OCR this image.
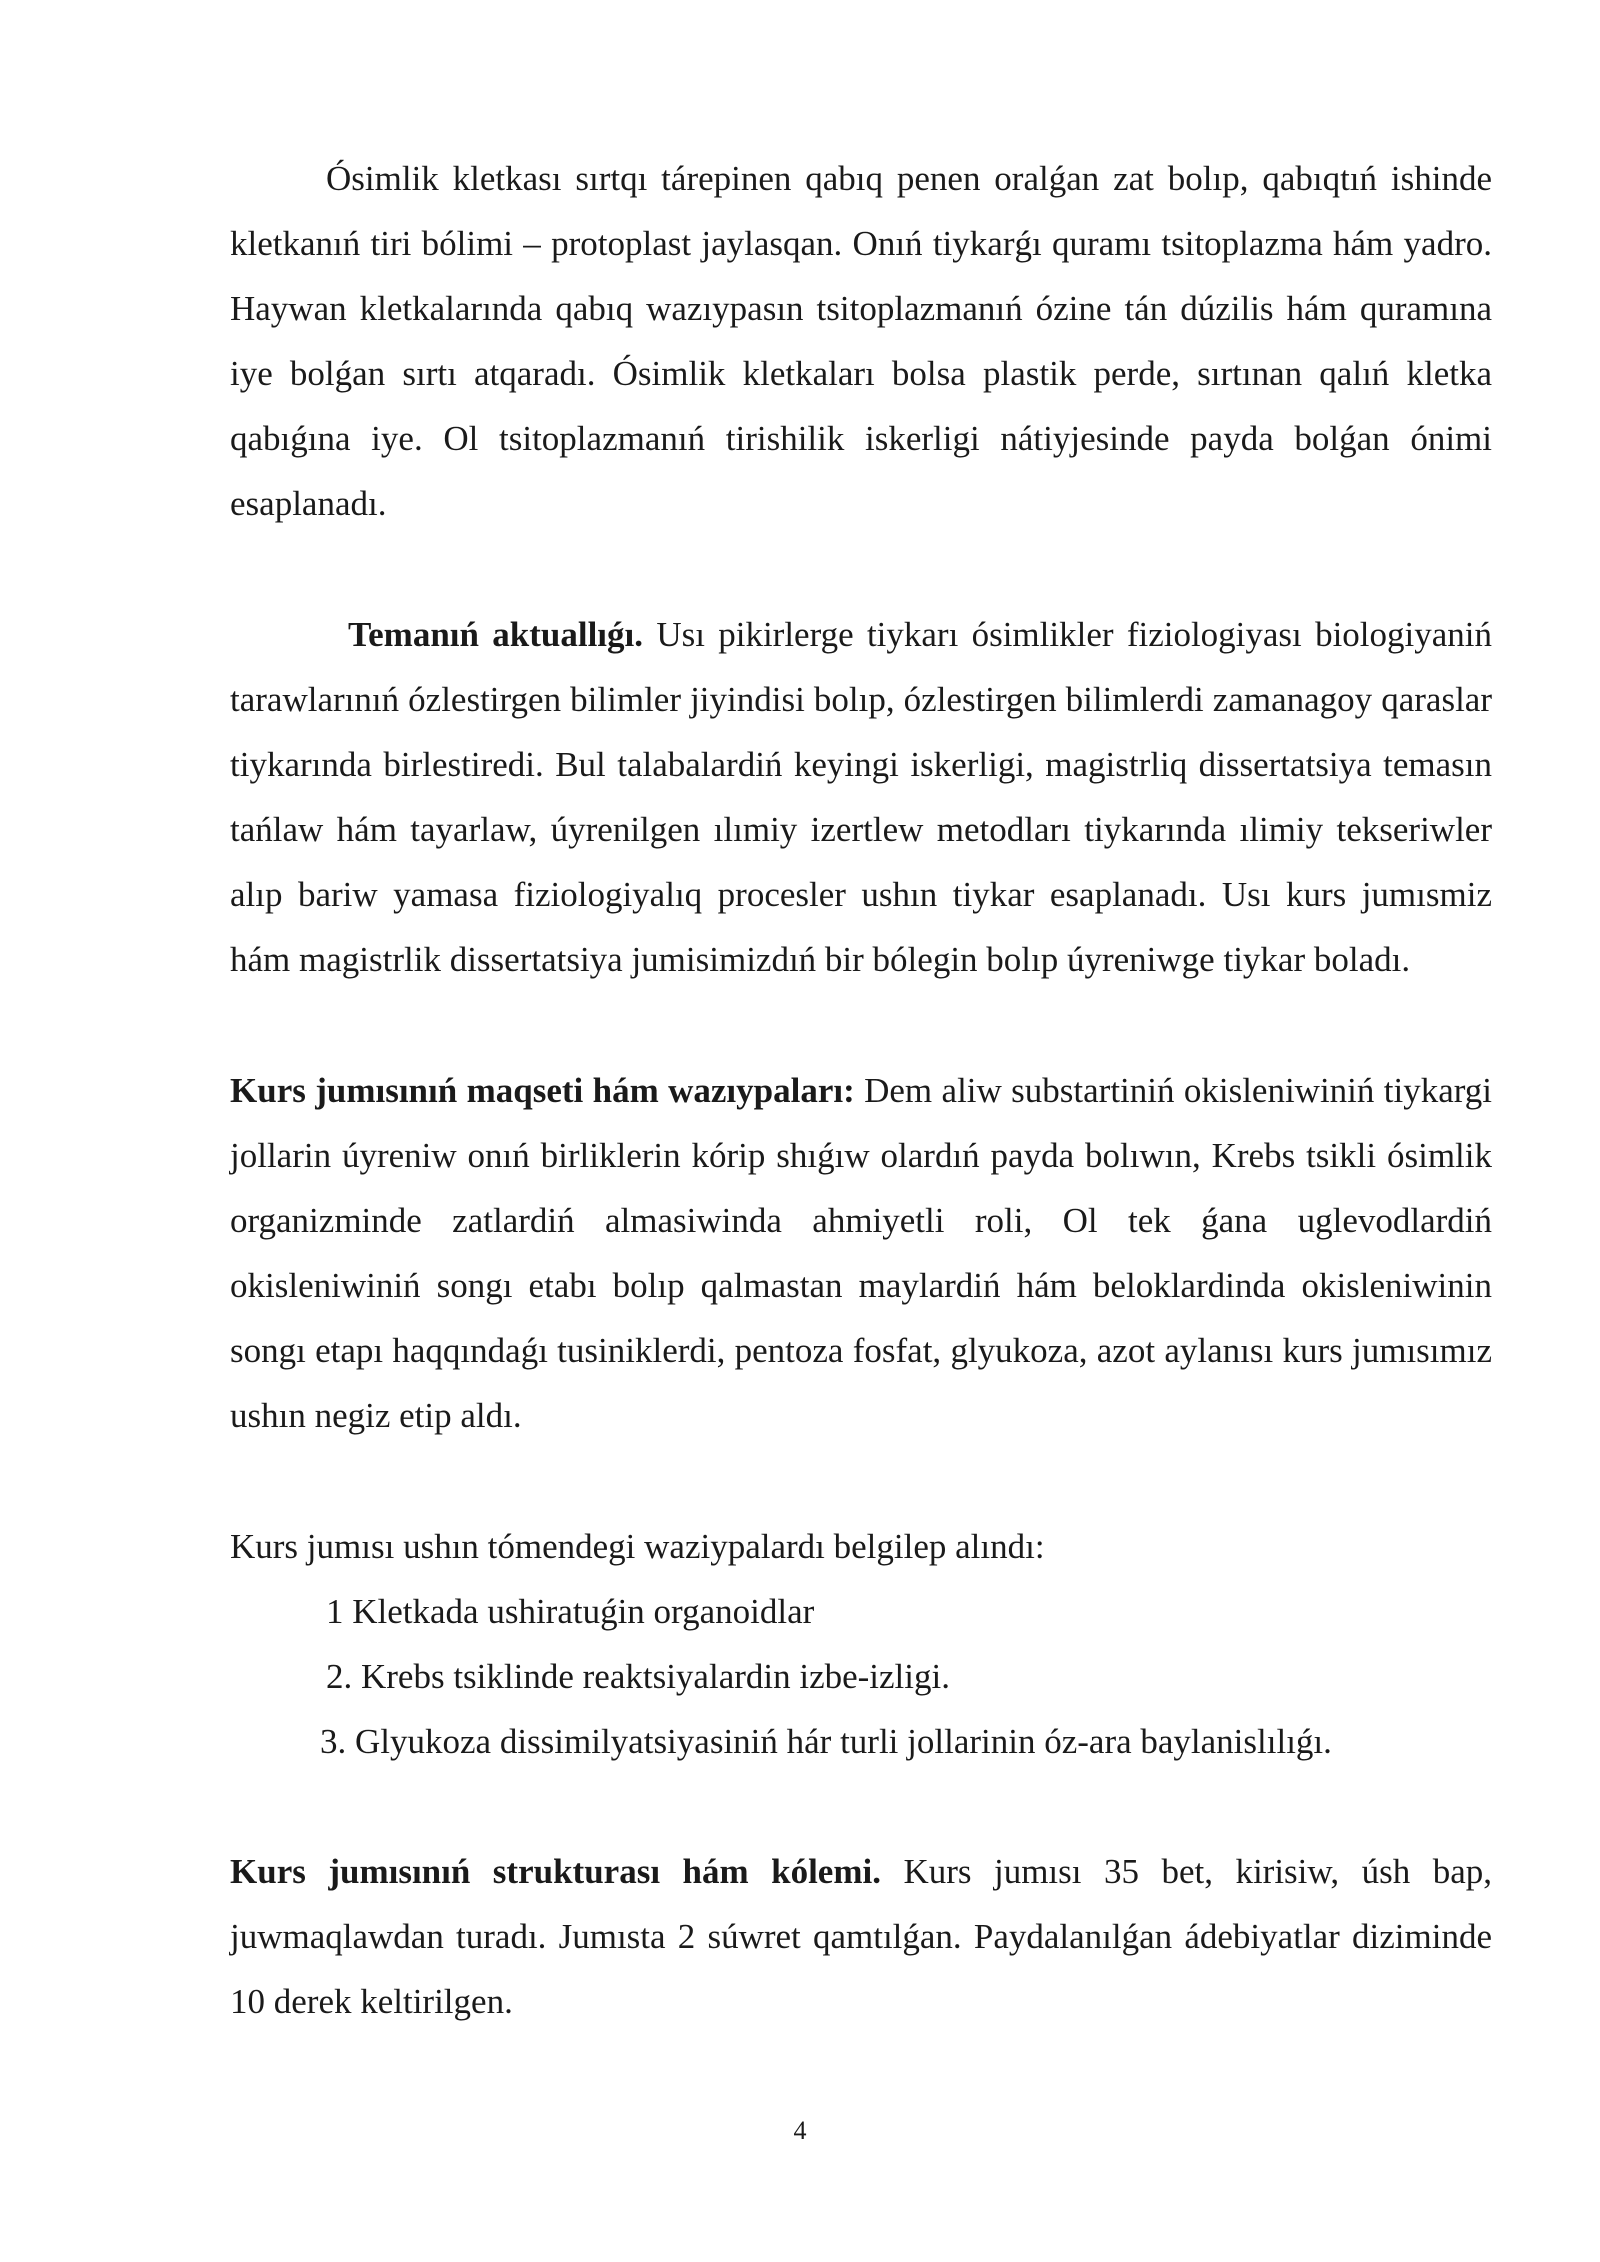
Ósimlik kletkası sırtqı tárepinen qabıq penen oralǵan zat bolıp, qabıqtıń ishinde kletkanıń tiri bólimi – protoplast jaylasqan. Onıń tiykarǵı quramı tsitoplazma hám yadro. Haywan kletkalarında qabıq wazıypasın tsitoplazmanıń ózine tán dúzilis hám quramına iye bolǵan sırtı atqaradı. Ósimlik kletkaları bolsa plastik perde, sırtınan qalıń kletka qabıǵına iye. Ol tsitoplazmanıń tirishilik iskerligi nátiyjesinde payda bolǵan ónimi esaplanadı.

Temanıń aktuallıǵı. Usı pikirlerge tiykarı ósimlikler fiziologiyası biologiyaniń tarawlarınıń ózlestirgen bilimler jiyindisi bolıp, ózlestirgen bilimlerdi zamanagoy qaraslar tiykarında birlestiredi. Bul talabalardiń keyingi iskerligi, magistrliq dissertatsiya temasın tańlaw hám tayarlaw, úyrenilgen ılımiy izertlew metodları tiykarında ılimiy tekseriwler alıp bariw yamasa fiziologiyalıq procesler ushın tiykar esaplanadı. Usı kurs jumısmiz hám magistrlik dissertatsiya jumisimizdıń bir bólegin bolıp úyreniwge tiykar boladı.

Kurs jumısınıń maqseti hám wazıypaları: Dem aliw substartiniń okisleniwiniń tiykargi jollarin úyreniw onıń birliklerin kórip shıǵıw olardıń payda bolıwın, Krebs tsikli ósimlik organizminde zatlardiń almasiwinda ahmiyetli roli, Ol tek ǵana uglevodlardiń okisleniwiniń songı etabı bolıp qalmastan maylardiń hám beloklardinda okisleniwinin songı etapı haqqındaǵı tusiniklerdi, pentoza fosfat, glyukoza, azot aylanısı kurs jumısımız ushın negiz etip aldı.

Kurs jumısı ushın tómendegi waziypalardı belgilep alındı:

1 Kletkada ushiratuǵin organoidlar

2. Krebs tsiklinde reaktsiyalardin izbe-izligi.

3. Glyukoza dissimilyatsiyasiniń hár turli jollarinin óz-ara baylanislılıǵı.

Kurs jumısınıń strukturası hám kólemi. Kurs jumısı 35 bet, kirisiw, úsh bap, juwmaqlawdan turadı. Jumısta 2 súwret qamtılǵan. Paydalanılǵan ádebiyatlar diziminde 10 derek keltirilgen.

4
